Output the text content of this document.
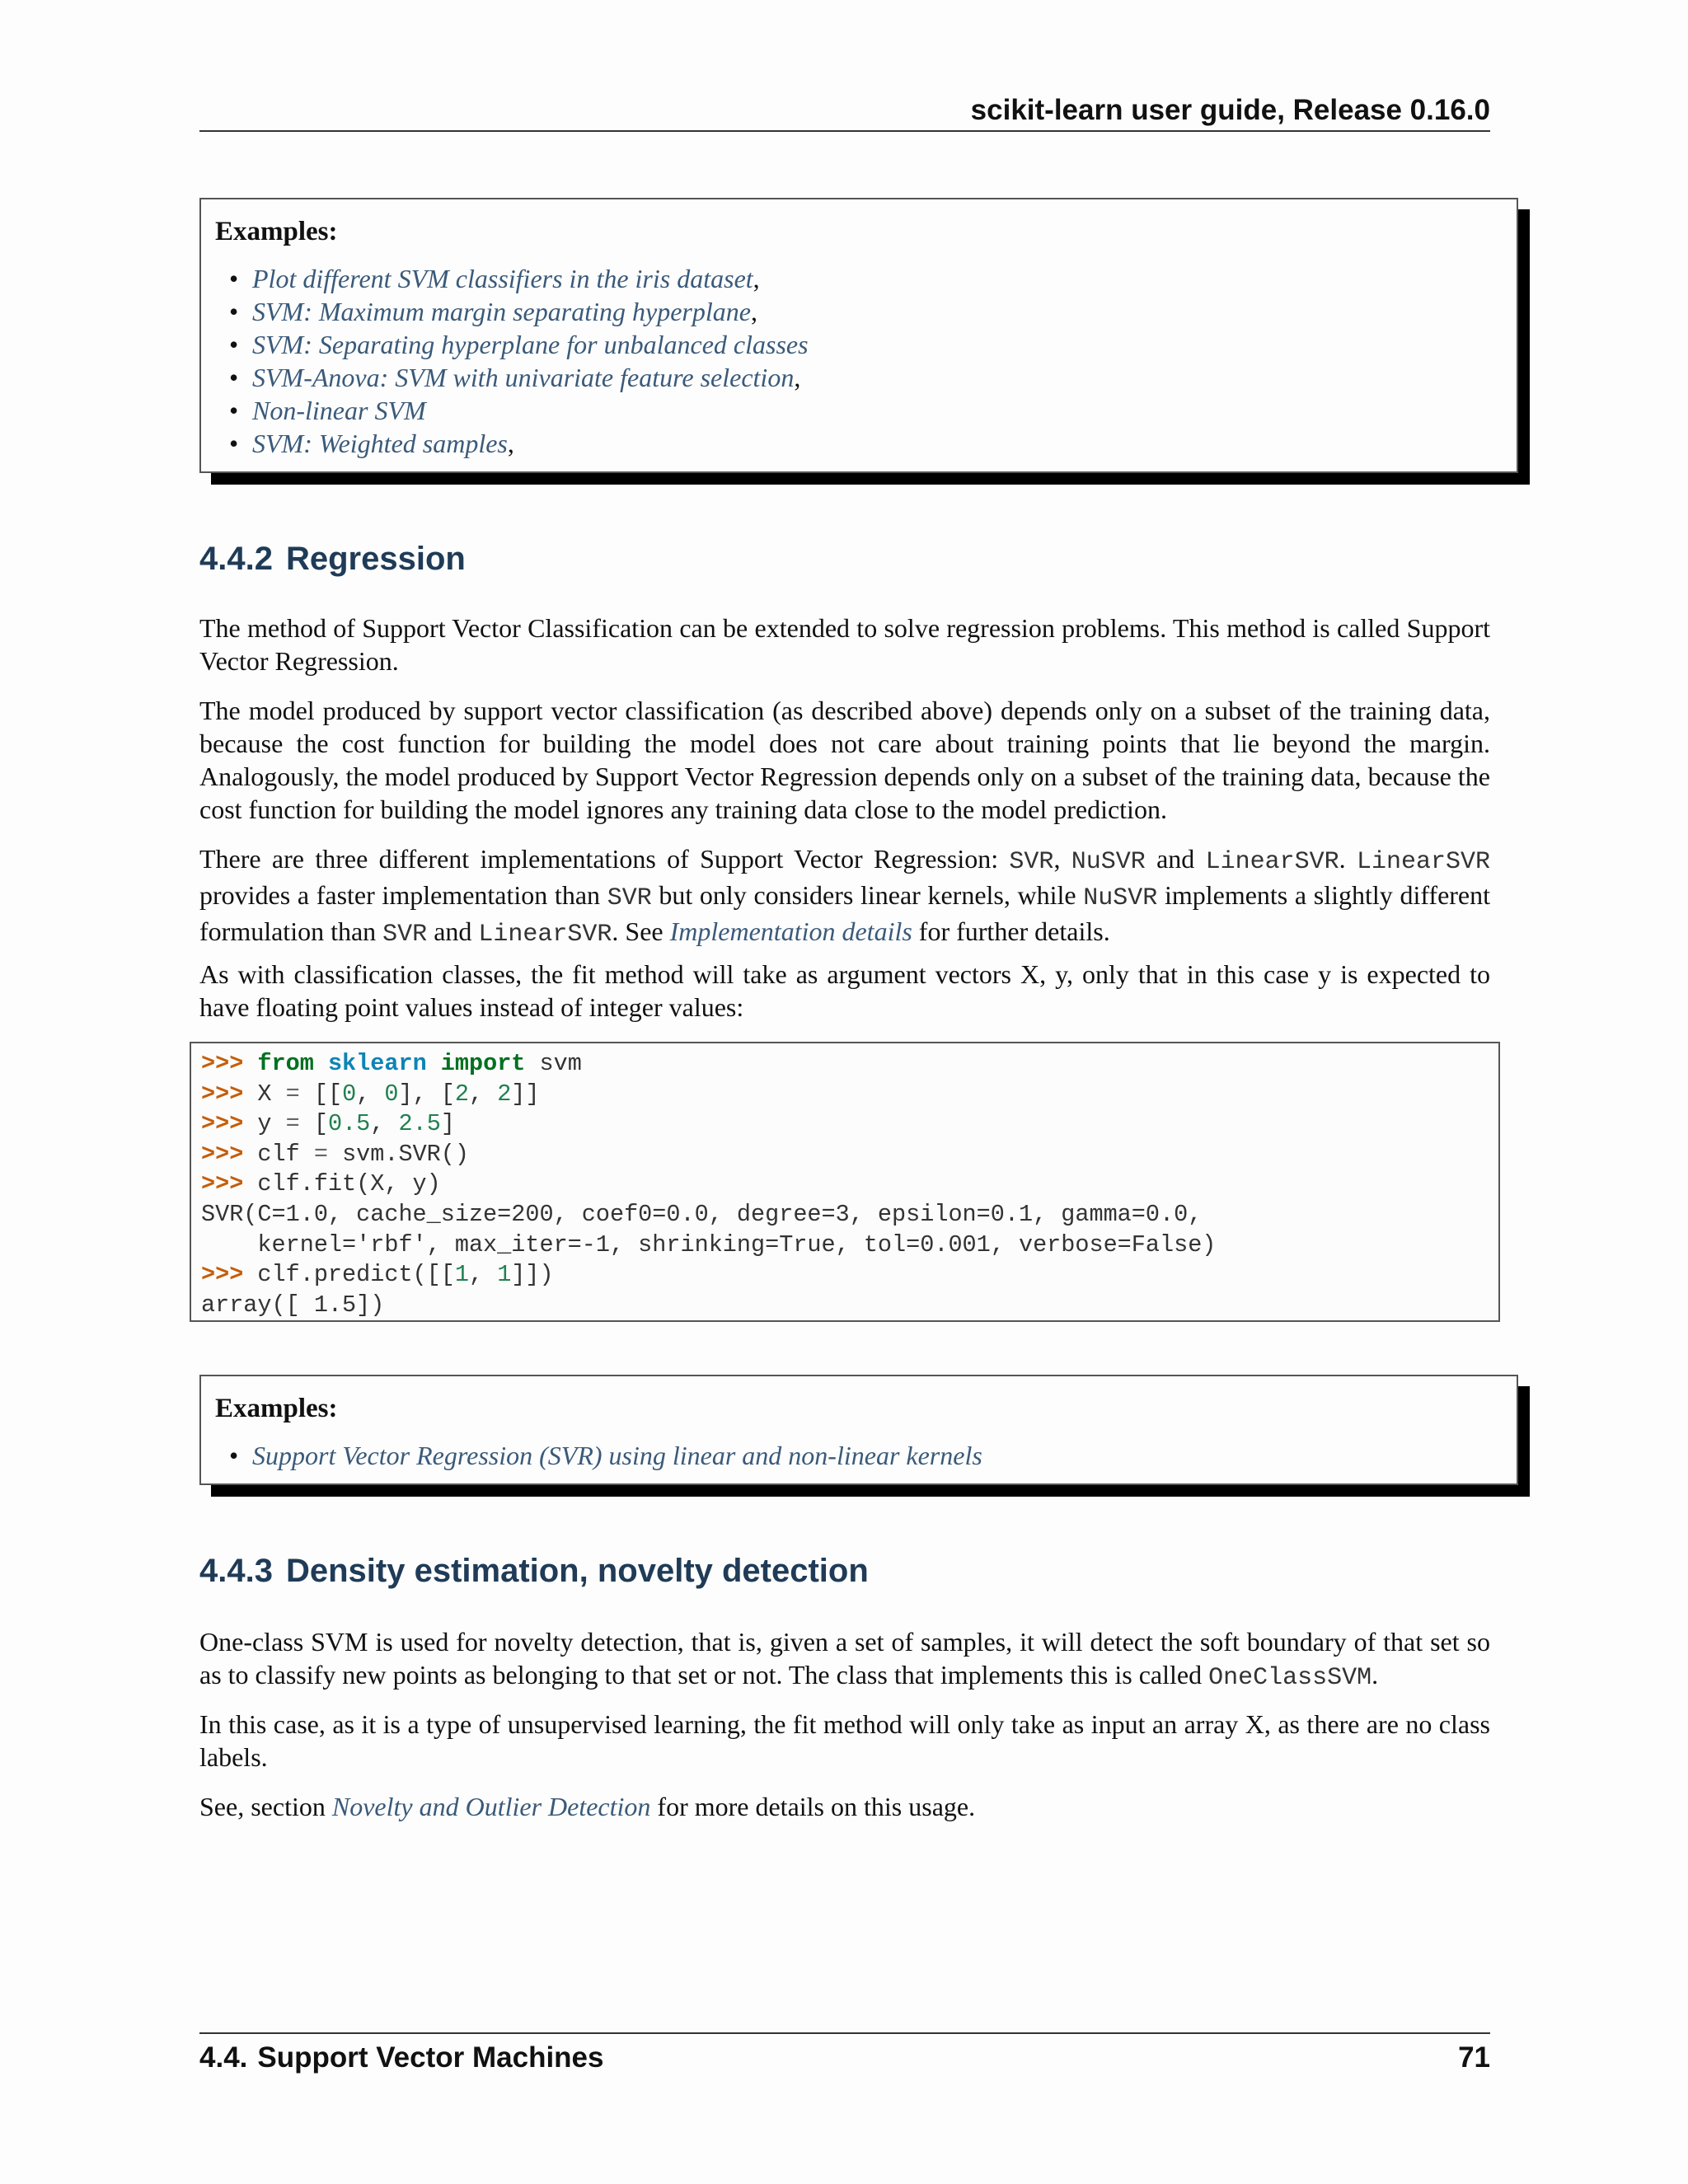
scikit-learn user guide, Release 0.16.0
Examples:
• Plot different SVM classifiers in the iris dataset,
• SVM: Maximum margin separating hyperplane,
• SVM: Separating hyperplane for unbalanced classes
• SVM-Anova: SVM with univariate feature selection,
• Non-linear SVM
• SVM: Weighted samples,
4.4.2 Regression

The method of Support Vector Classification can be extended to solve regression problems. This method is called Support Vector Regression.

The model produced by support vector classification (as described above) depends only on a subset of the training data, because the cost function for building the model does not care about training points that lie beyond the margin. Analogously, the model produced by Support Vector Regression depends only on a subset of the training data, because the cost function for building the model ignores any training data close to the model prediction.

There are three different implementations of Support Vector Regression: SVR, NuSVR and LinearSVR. LinearSVR provides a faster implementation than SVR but only considers linear kernels, while NuSVR implements a slightly different formulation than SVR and LinearSVR. See Implementation details for further details.

As with classification classes, the fit method will take as argument vectors X, y, only that in this case y is expected to have floating point values instead of integer values:

>>> from sklearn import svm
>>> X = [[0, 0], [2, 2]]
>>> y = [0.5, 2.5]
>>> clf = svm.SVR()
>>> clf.fit(X, y)
SVR(C=1.0, cache_size=200, coef0=0.0, degree=3, epsilon=0.1, gamma=0.0,
kernel='rbf', max_iter=-1, shrinking=True, tol=0.001, verbose=False)
>>> clf.predict([[1, 1]])
array([ 1.5])
Examples:
• Support Vector Regression (SVR) using linear and non-linear kernels
4.4.3 Density estimation, novelty detection

One-class SVM is used for novelty detection, that is, given a set of samples, it will detect the soft boundary of that set so as to classify new points as belonging to that set or not. The class that implements this is called OneClassSVM.

In this case, as it is a type of unsupervised learning, the fit method will only take as input an array X, as there are no class labels.

See, section Novelty and Outlier Detection for more details on this usage.

4.4. Support Vector Machines	71
